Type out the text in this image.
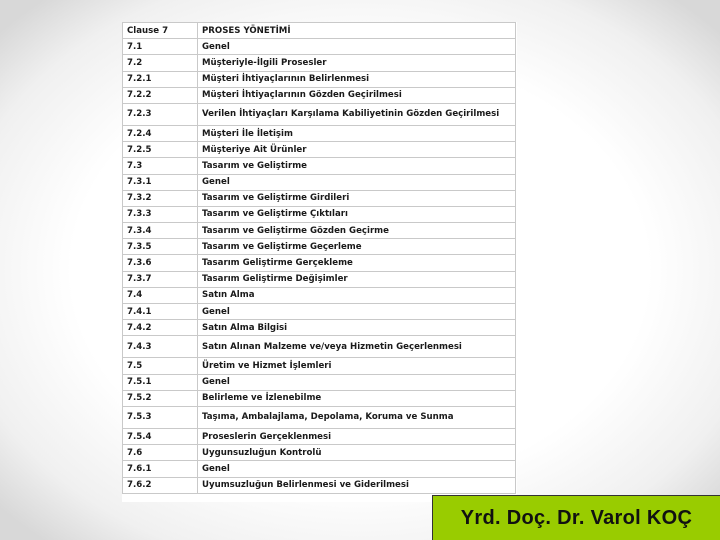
Clause 7	PROSES YÖNETİMİ
7.1	Genel
7.2	Müşteriyle-İlgili Prosesler
7.2.1	Müşteri İhtiyaçlarının Belirlenmesi
7.2.2	Müşteri İhtiyaçlarının Gözden Geçirilmesi
7.2.3	Verilen İhtiyaçları Karşılama Kabiliyetinin Gözden Geçirilmesi
7.2.4	Müşteri İle İletişim
7.2.5	Müşteriye Ait Ürünler
7.3	Tasarım ve Geliştirme
7.3.1	Genel
7.3.2	Tasarım ve Geliştirme Girdileri
7.3.3	Tasarım ve Geliştirme Çıktıları
7.3.4	Tasarım ve Geliştirme Gözden Geçirme
7.3.5	Tasarım ve Geliştirme Geçerleme
7.3.6	Tasarım Geliştirme Gerçekleme
7.3.7	Tasarım Geliştirme Değişimler
7.4	Satın Alma
7.4.1	Genel
7.4.2	Satın Alma Bilgisi
7.4.3	Satın Alınan Malzeme ve/veya Hizmetin Geçerlenmesi
7.5	Üretim ve Hizmet İşlemleri
7.5.1	Genel
7.5.2	Belirleme ve İzlenebilme
7.5.3	Taşıma, Ambalajlama, Depolama, Koruma ve Sunma
7.5.4	Proseslerin Gerçeklenmesi
7.6	Uygunsuzluğun Kontrolü
7.6.1	Genel
7.6.2	Uyumsuzluğun Belirlenmesi ve Giderilmesi
Yrd. Doç. Dr. Varol KOÇ
